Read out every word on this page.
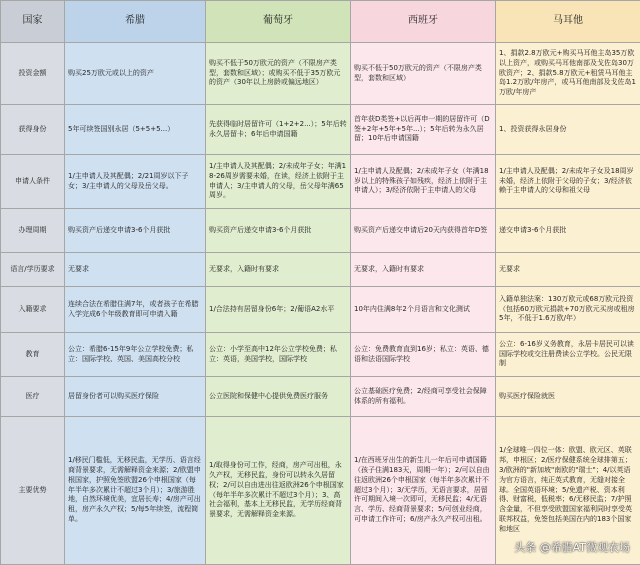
国家	希腊	葡萄牙	西班牙	马耳他
投资金额	购买25万欧元或以上的资产	购买不低于50万欧元的资产（不限房产类型，套数和区域）；或购买不低于35万欧元的资产（30年以上房龄或偏远地区）	购买不低于50万欧元的资产（不限房产类型，套数和区域）	1、捐款2.8万欧元+购买马耳他主岛35万欧以上资产，或购买马耳他南部及戈佐岛30万欧资产；2、捐款5.8万欧元+租赁马耳他主岛1.2万欧/年房产，或马耳他南部及戈佐岛1万欧/年房产
获得身份	5年可续签国别永居（5+5+5...）	先获得临时居留许可（1+2+2...）；5年后转永久居留卡；6年后申请国籍	首年获D类签+以后再申一期的居留许可（D签+2年+5年+5年...）；5年后转为永久居留；10年后申请国籍	1、投资获得永居身份
申请人条件	1/主申请人及其配偶；2/21周岁以下子女；3/主申请人的父母及岳父母。	1/主申请人及其配偶；2/未成年子女；年满18-26周岁需要未婚，在读，经济上依附于主申请人；3/主申请人的父母，岳父母年满65周岁。	1/主申请人及配偶；2/未成年子女（年满18岁以上的特殊孩子如残疾，经济上依附于主申请人）；3/经济依附于主申请人的父母	1/主申请人及配偶；2/未成年子女及18周岁未婚，经济上依附于父母的子女；3/经济依赖于主申请人的父母和祖父母
办理周期	购买资产后递交申请3-6个月获批	购买资产后递交申请3-6个月获批	购买资产后递交申请后20天内获得首年D签	递交申请3-6个月获批
语言/学历要求	无要求	无要求，入籍时有要求	无要求，入籍时有要求	无要求
入籍要求	连续合法在希腊住满7年，或者孩子在希腊入学完成6个年级教育即可申请入籍	1/合法持有居留身份6年；2/葡语A2水平	10年内住满8年2个月语言和文化测试	入籍单独法案：130万欧元或68万欧元投资（包括60万欧元捐款+70万欧元买房或租房5年，不低于1.6万欧/年）
教育	公立：希腊6-15年9年公立学校免费；私立：国际学校、英国、美国高校分校	公立：小学至高中12年公立学校免费；私立：英语，美国学校，国际学校	公立：免费教育直到16岁；私立：英语、德语和法语国际学校	公立：6-16岁义务教育，永居卡居民可以读国际学校或交注册费读公立学校。公民无限制
医疗	居留身份者可以购买医疗保险	公立医院和保健中心提供免费医疗服务	公立基础医疗免费；2/经商可享受社会保障体系的所有福利。	购买医疗保险就医
主要优势	1/移民门槛低，无移民监，无学历、语言经商背景要求，无需解释资金来源；2/欧盟申根国家，护照免签欧盟26个申根国家（每年半年多次累计不超过3个月）；3/旅游胜地，自然环境优美，宜居长寿；4/房产可出租，房产永久产权；5/每5年续签，流程简单。	1/取得身份可工作，经商，房产可出租，永久产权，无移民监，身份可以转永久居留权；2/可以自由进出往返欧洲26个申根国家（每年半年多次累计不超过3个月）；3、高社会福利，基本上无移民监，无学历经商背景要求，无需解释资金来源。	1/在西班牙出生的新生儿一年后可申请国籍（孩子住满183天，周期一年）；2/可以自由往返欧洲26个申根国家（每半年多次累计不超过3个月）；3/无学历，无语言要求，居留许可期间入境一次即可，无移民监；4/无语言、学历、经商背景要求；5/可创业经商，可申请工作许可；6/房产永久产权可出租。	1/全球唯一四位一体：欧盟、欧元区、英联邦，申根区；2/医疗保健系统全球排第五；3/欧洲的"新加坡"南欧的"瑞士"；4/以英语为官方语言，纯正英式教育，无缝对接全球。全国英语环境；5/免遗产税、资本利得、财富税，低税率；6/无移民监；7/护照含金量，不但享受欧盟国家福利同时享受英联邦权益，免签包括美国在内的183个国家和地区
头条 @希腊AT微观农场
